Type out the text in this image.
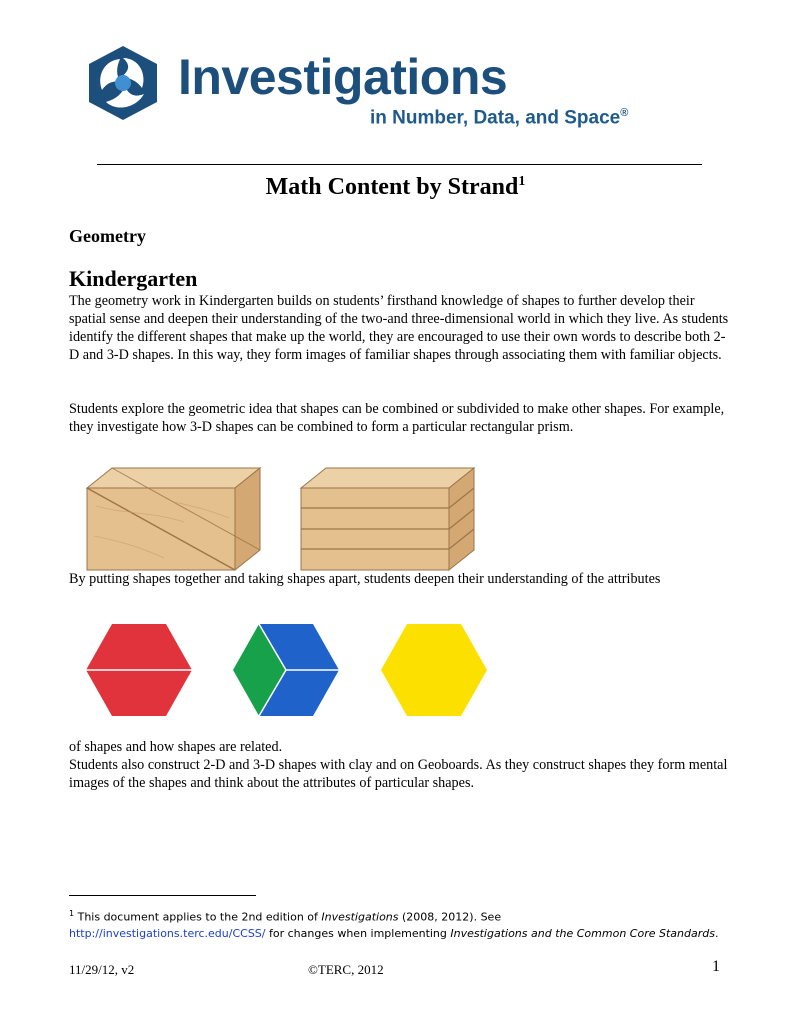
Investigations
in Number, Data, and Space®
Math Content by Strand$^1$
Geometry
Kindergarten
The geometry work in Kindergarten builds on students’ firsthand knowledge of shapes to further develop their spatial sense and deepen their understanding of the two-and three-dimensional world in which they live. As students identify the different shapes that make up the world, they are encouraged to use their own words to describe both 2-D and 3-D shapes. In this way, they form images of familiar shapes through associating them with familiar objects.
Students explore the geometric idea that shapes can be combined or subdivided to make other shapes. For example, they investigate how 3-D shapes can be combined to form a particular rectangular prism.
By putting shapes together and taking shapes apart, students deepen their understanding of the attributes
of shapes and how shapes are related.
Students also construct 2-D and 3-D shapes with clay and on Geoboards. As they construct shapes they form mental images of the shapes and think about the attributes of particular shapes.
$^1$ This document applies to the 2nd edition of Investigations (2008, 2012). See
http://investigations.terc.edu/CCSS/ for changes when implementing Investigations and the Common Core Standards.
11/29/12, v2	©TERC, 2012	1
